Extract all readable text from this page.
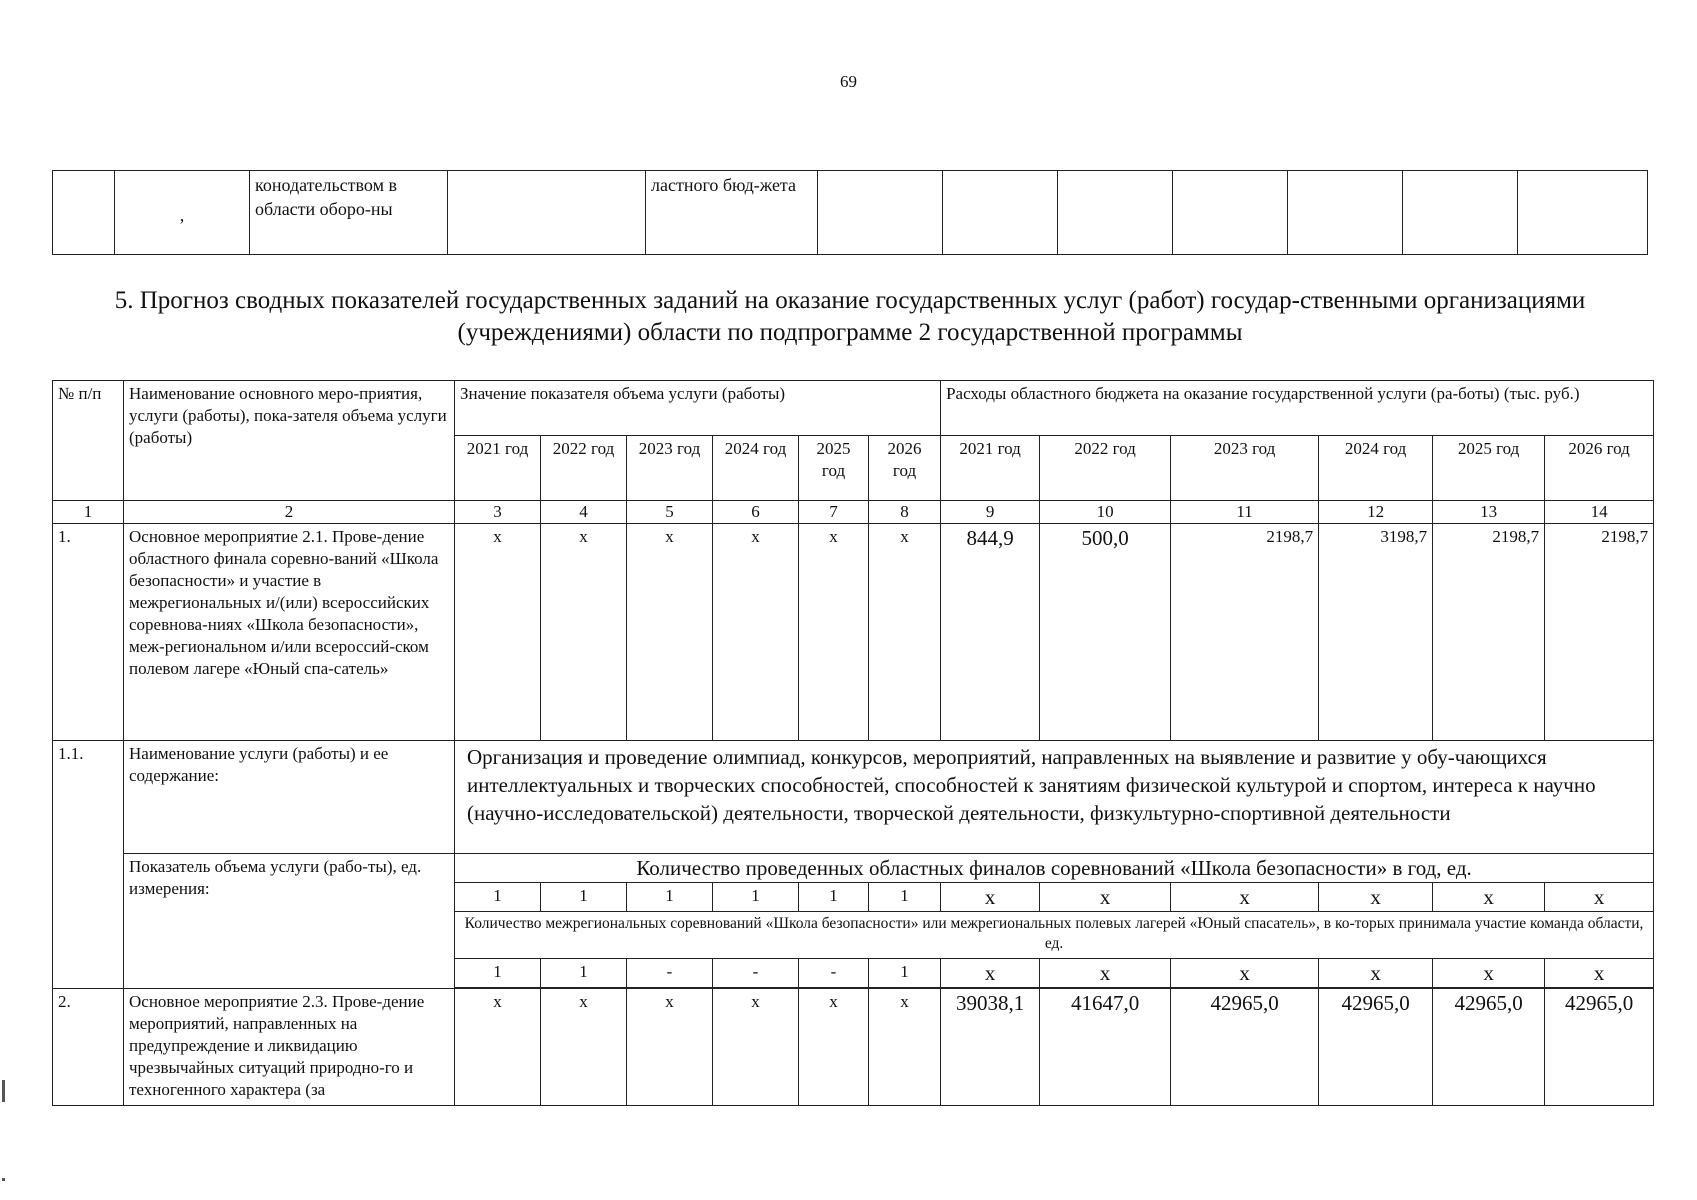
69
	,	конодательством в области оборо-ны		ластного бюд-жета							
5. Прогноз сводных показателей государственных заданий на оказание государственных услуг (работ) государ-ственными организациями (учреждениями) области по подпрограмме 2 государственной программы
№ п/п	Наименование основного меро-приятия, услуги (работы), пока-зателя объема услуги (работы)	Значение показателя объема услуги (работы)						Расходы областного бюджета на оказание государственной услуги (ра-боты) (тыс. руб.)					
		2021 год	2022 год	2023 год	2024 год	2025 год	2026 год	2021 год	2022 год	2023 год	2024 год	2025 год	2026 год
1	2	3	4	5	6	7	8	9	10	11	12	13	14
1.	Основное мероприятие 2.1. Прове-дение областного финала соревно-ваний «Школа безопасности» и участие в межрегиональных и/(или) всероссийских соревнова-ниях «Школа безопасности», меж-региональном и/или всероссий-ском полевом лагере «Юный спа-сатель»	х	х	х	х	х	х	844,9	500,0	2198,7	3198,7	2198,7	2198,7
1.1.	Наименование услуги (работы) и ее содержание:	Организация и проведение олимпиад, конкурсов, мероприятий, направленных на выявление и развитие у обу-чающихся интеллектуальных и творческих способностей, способностей к занятиям физической культурой и спортом, интереса к научно (научно-исследовательской) деятельности, творческой деятельности, физкультурно-спортивной деятельности											
	Показатель объема услуги (рабо-ты), ед. измерения:	Количество проведенных областных финалов соревнований «Школа безопасности» в год, ед.											
		1	1	1	1	1	1	х	х	х	х	х	х
		Количество межрегиональных соревнований «Школа безопасности» или межрегиональных полевых лагерей «Юный спасатель», в ко-торых принимала участие команда области, ед.											
		1	1	-	-	-	1	х	х	х	х	х	х

2.	Основное мероприятие 2.3. Прове-дение мероприятий, направленных на предупреждение и ликвидацию чрезвычайных ситуаций природно-го и техногенного характера (за	х	х	х	х	х	х	39038,1	41647,0	42965,0	42965,0	42965,0	42965,0
